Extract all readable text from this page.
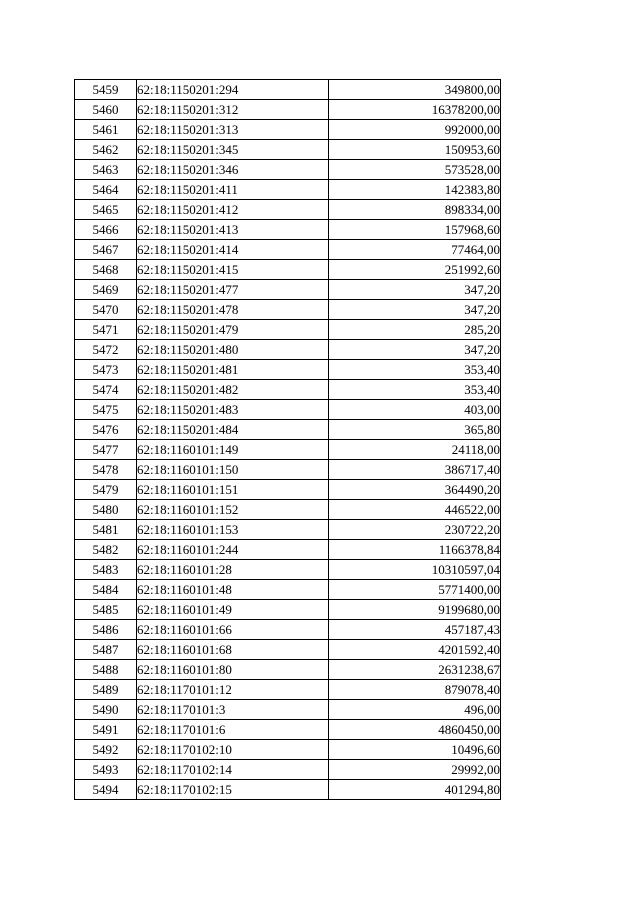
5459	62:18:1150201:294	349800,00
5460	62:18:1150201:312	16378200,00
5461	62:18:1150201:313	992000,00
5462	62:18:1150201:345	150953,60
5463	62:18:1150201:346	573528,00
5464	62:18:1150201:411	142383,80
5465	62:18:1150201:412	898334,00
5466	62:18:1150201:413	157968,60
5467	62:18:1150201:414	77464,00
5468	62:18:1150201:415	251992,60
5469	62:18:1150201:477	347,20
5470	62:18:1150201:478	347,20
5471	62:18:1150201:479	285,20
5472	62:18:1150201:480	347,20
5473	62:18:1150201:481	353,40
5474	62:18:1150201:482	353,40
5475	62:18:1150201:483	403,00
5476	62:18:1150201:484	365,80
5477	62:18:1160101:149	24118,00
5478	62:18:1160101:150	386717,40
5479	62:18:1160101:151	364490,20
5480	62:18:1160101:152	446522,00
5481	62:18:1160101:153	230722,20
5482	62:18:1160101:244	1166378,84
5483	62:18:1160101:28	10310597,04
5484	62:18:1160101:48	5771400,00
5485	62:18:1160101:49	9199680,00
5486	62:18:1160101:66	457187,43
5487	62:18:1160101:68	4201592,40
5488	62:18:1160101:80	2631238,67
5489	62:18:1170101:12	879078,40
5490	62:18:1170101:3	496,00
5491	62:18:1170101:6	4860450,00
5492	62:18:1170102:10	10496,60
5493	62:18:1170102:14	29992,00
5494	62:18:1170102:15	401294,80
